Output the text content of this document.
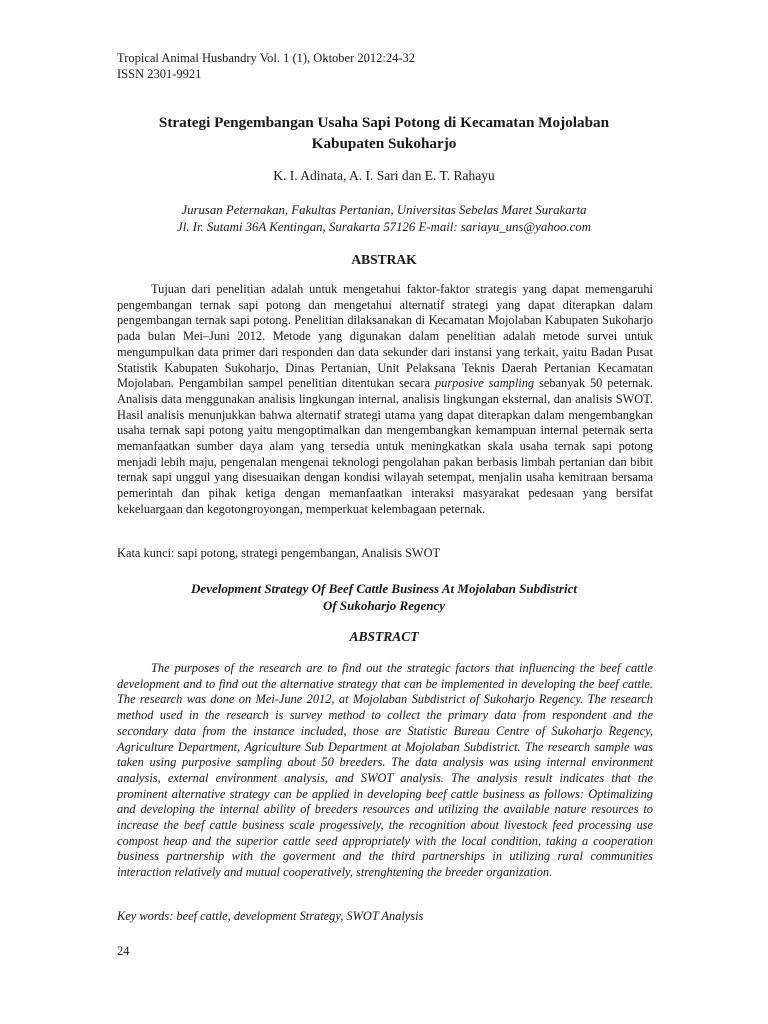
Tropical Animal Husbandry Vol. 1 (1), Oktober 2012:24-32
ISSN 2301-9921
Strategi Pengembangan Usaha Sapi Potong di Kecamatan Mojolaban
Kabupaten Sukoharjo
K. I. Adinata, A. I. Sari dan E. T. Rahayu
Jurusan Peternakan, Fakultas Pertanian, Universitas Sebelas Maret Surakarta
Jl. Ir. Sutami 36A Kentingan, Surakarta 57126 E-mail: sariayu_uns@yahoo.com
ABSTRAK

Tujuan dari penelitian adalah untuk mengetahui faktor-faktor strategis yang dapat memengaruhi pengembangan ternak sapi potong dan mengetahui alternatif strategi yang dapat diterapkan dalam pengembangan ternak sapi potong. Penelitian dilaksanakan di Kecamatan Mojolaban Kabupaten Sukoharjo pada bulan Mei–Juni 2012. Metode yang digunakan dalam penelitian adalah metode survei untuk mengumpulkan data primer dari responden dan data sekunder dari instansi yang terkait, yaitu Badan Pusat Statistik Kabupaten Sukoharjo, Dinas Pertanian, Unit Pelaksana Teknis Daerah Pertanian Kecamatan Mojolaban. Pengambilan sampel penelitian ditentukan secara purposive sampling sebanyak 50 peternak. Analisis data menggunakan analisis lingkungan internal, analisis lingkungan eksternal, dan analisis SWOT. Hasil analisis menunjukkan bahwa alternatif strategi utama yang dapat diterapkan dalam mengembangkan usaha ternak sapi potong yaitu mengoptimalkan dan mengembangkan kemampuan internal peternak serta memanfaatkan sumber daya alam yang tersedia untuk meningkatkan skala usaha ternak sapi potong menjadi lebih maju, pengenalan mengenai teknologi pengolahan pakan berbasis limbah pertanian dan bibit ternak sapi unggul yang disesuaikan dengan kondisi wilayah setempat, menjalin usaha kemitraan bersama pemerintah dan pihak ketiga dengan memanfaatkan interaksi masyarakat pedesaan yang bersifat kekeluargaan dan kegotongroyongan, memperkuat kelembagaan peternak.

Kata kunci: sapi potong, strategi pengembangan, Analisis SWOT
Development Strategy Of Beef Cattle Business At Mojolaban Subdistrict
Of Sukoharjo Regency
ABSTRACT

The purposes of the research are to find out the strategic factors that influencing the beef cattle development and to find out the alternative strategy that can be implemented in developing the beef cattle. The research was done on Mei-June 2012, at Mojolaban Subdistrict of Sukoharjo Regency. The research method used in the research is survey method to collect the primary data from respondent and the secondary data from the instance included, those are Statistic Bureau Centre of Sukoharjo Regency, Agriculture Department, Agriculture Sub Department at Mojolaban Subdistrict. The research sample was taken using purposive sampling about 50 breeders. The data analysis was using internal environment analysis, external environment analysis, and SWOT analysis. The analysis result indicates that the prominent alternative strategy can be applied in developing beef cattle business as follows: Optimalizing and developing the internal ability of breeders resources and utilizing the available nature resources to increase the beef cattle business scale progessively, the recognition about livestock feed processing use compost heap and the superior cattle seed appropriately with the local condition, taking a cooperation business partnership with the goverment and the third partnerships in utilizing rural communities interaction relatively and mutual cooperatively, strenghtening the breeder organization.

Key words: beef cattle, development Strategy, SWOT Analysis
24
